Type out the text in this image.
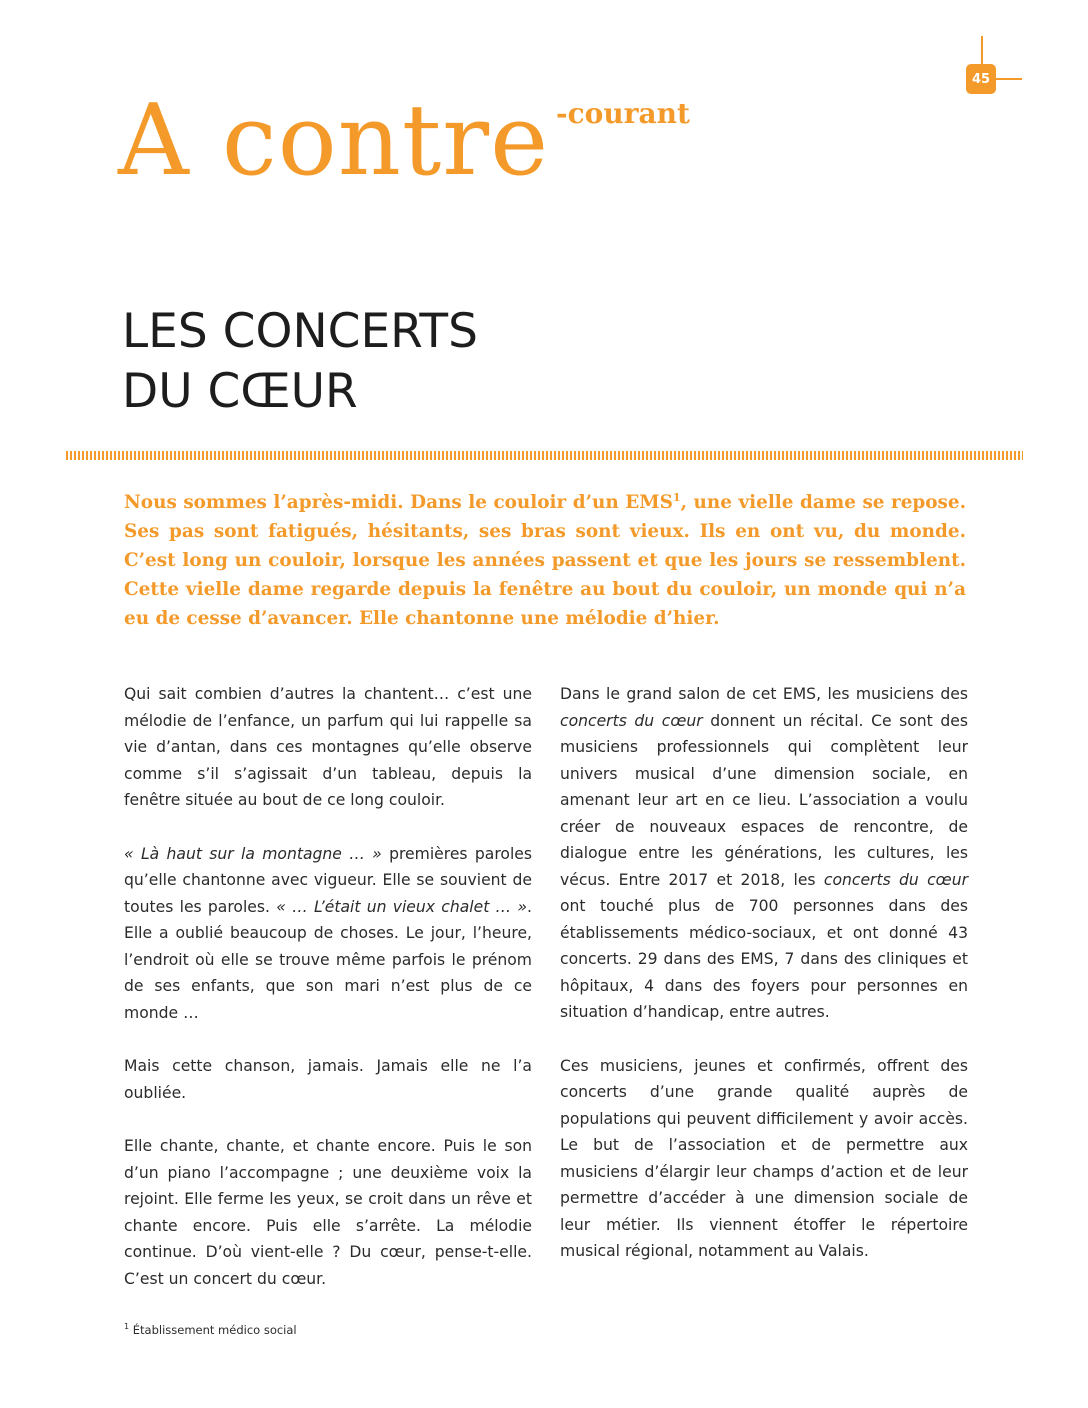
45
A contre -courant
LES CONCERTS
DU CŒUR

Nous sommes l’après-midi. Dans le couloir d’un EMS$^1$, une vielle dame se repose. Ses pas sont fatigués, hésitants, ses bras sont vieux. Ils en ont vu, du monde. C’est long un couloir, lorsque les années passent et que les jours se ressemblent. Cette vielle dame regarde depuis la fenêtre au bout du couloir, un monde qui n’a eu de cesse d’avancer. Elle chantonne une mélodie d’hier.

Qui sait combien d’autres la chantent… c’est une mélodie de l’enfance, un parfum qui lui rappelle sa vie d’antan, dans ces montagnes qu’elle observe comme s’il s’agissait d’un tableau, depuis la fenêtre située au bout de ce long couloir.

« Là haut sur la montagne … » premières paroles qu’elle chantonne avec vigueur. Elle se souvient de toutes les paroles. « … L’était un vieux chalet … ». Elle a oublié beaucoup de choses. Le jour, l’heure, l’endroit où elle se trouve même parfois le prénom de ses enfants, que son mari n’est plus de ce monde …

Mais cette chanson, jamais. Jamais elle ne l’a oubliée.

Elle chante, chante, et chante encore. Puis le son d’un piano l’accompagne ; une deuxième voix la rejoint. Elle ferme les yeux, se croit dans un rêve et chante encore. Puis elle s’arrête. La mélodie continue. D’où vient-elle ? Du cœur, pense-t-elle. C’est un concert du cœur.

Dans le grand salon de cet EMS, les musiciens des concerts du cœur donnent un récital. Ce sont des musiciens professionnels qui complètent leur univers musical d’une dimension sociale, en amenant leur art en ce lieu. L’association a voulu créer de nouveaux espaces de rencontre, de dialogue entre les générations, les cultures, les vécus. Entre 2017 et 2018, les concerts du cœur ont touché plus de 700 personnes dans des établissements médico-sociaux, et ont donné 43 concerts. 29 dans des EMS, 7 dans des cliniques et hôpitaux, 4 dans des foyers pour personnes en situation d’handicap, entre autres.

Ces musiciens, jeunes et confirmés, offrent des concerts d’une grande qualité auprès de populations qui peuvent difficilement y avoir accès. Le but de l’association et de permettre aux musiciens d’élargir leur champs d’action et de leur permettre d’accéder à une dimension sociale de leur métier. Ils viennent étoffer le répertoire musical régional, notamment au Valais.

$^1$ Établissement médico social
